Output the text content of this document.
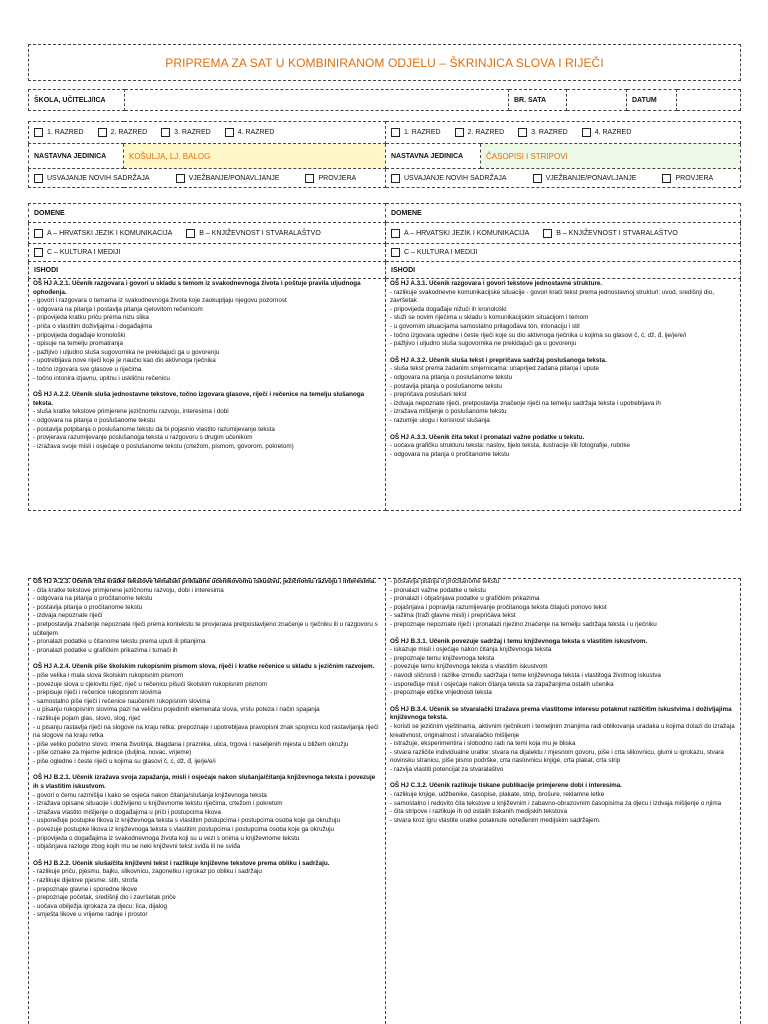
PRIPREMA ZA SAT U KOMBINIRANOM ODJELU – ŠKRINJICA SLOVA I RIJEČI
ŠKOLA, UČITELJ/ICA		BR. SATA		DATUM	
1. RAZRED 2. RAZRED 3. RAZRED 4. RAZRED		1. RAZRED 2. RAZRED 3. RAZRED 4. RAZRED	

NASTAVNA JEDINICA	KOŠULJA, LJ. BALOG	NASTAVNA JEDINICA	ČASOPISI I STRIPOVI

USVAJANJE NOVIH SADRŽAJA VJEŽBANJE/PONAVLJANJE PROVJERA		USVAJANJE NOVIH SADRŽAJA VJEŽBANJE/PONAVLJANJE PROVJERA	
DOMENE	DOMENE

A – HRVATSKI JEZIK I KOMUNIKACIJA B – KNJIŽEVNOST I STVARALAŠTVO	A – HRVATSKI JEZIK I KOMUNIKACIJA B – KNJIŽEVNOST I STVARALAŠTVO

C – KULTURA I MEDIJI	C – KULTURA I MEDIJI

ISHODI	ISHODI

OŠ HJ A.2.1. Učenik razgovara i govori u skladu s temom iz svakodnevnoga života i poštuje pravila uljudnoga ophođenja.

- govori i razgovara o temama iz svakodnevnoga života koje zaokupljaju njegovu pozornost

- odgovara na pitanja i postavlja pitanja cjelovitom rečenicom

- pripovijeda kratku priču prema nizu slika

- priča o vlastitim doživljajima i događajima

- pripovijeda događaje kronološki

- opisuje na temelju promatranja

- pažljivo i uljudno sluša sugovornika ne prekidajući ga u govorenju

- upotrebljava nove riječi koje je naučio kao dio aktivnoga rječnika

- točno izgovara sve glasove u riječima

- točno intonira izjavnu, upitnu i uskličnu rečenicu

OŠ HJ A.2.2. Učenik sluša jednostavne tekstove, točno izgovara glasove, riječi i rečenice na temelju slušanoga teksta.

- sluša kratke tekstove primjerene jezičnomu razvoju, interesima i dobi

- odgovara na pitanja o poslušanome tekstu

- postavlja potpitanja o poslušanome tekstu da bi pojasnio vlastito razumijevanje teksta

- provjerava razumijevanje poslušanoga teksta u razgovoru s drugim učenikom

- izražava svoje misli i osjećaje o poslušanome tekstu (crtežom, pismom, govorom, pokretom)

OŠ HJ A.3.1. Učenik razgovara i govori tekstove jednostavne strukture.

- razlikuje svakodnevne komunikacijske situacije - govori kraći tekst prema jednostavnoj strukturi: uvod, središnji dio, završetak

- pripovijeda događaje nižući ih kronološki

- služi se novim riječima u skladu s komunikacijskim situacijom i temom

- u govornim situacijama samostalno prilagođava ton, intonaciju i stil

- točno izgovara ogledne i česte riječi koje su dio aktivnoga rječnika u kojima su glasovi č, ć, dž, đ, ije/je/e/i

- pažljivo i uljudno sluša sugovornika ne prekidajući ga u govorenju

OŠ HJ A.3.2. Učenik sluša tekst i prepričava sadržaj poslušanoga teksta.

- sluša tekst prema zadanim smjernicama: unaprijed zadana pitanja i upute

- odgovara na pitanja o poslušanome tekstu

- postavlja pitanja o poslušanome tekstu

- prepričava poslušani tekst

- izdvaja nepoznate riječi, pretpostavlja značenje riječi na temelju sadržaja teksta i upotrebljava ih

- izražava mišljenje o poslušanome tekstu

- razumije ulogu i korisnost slušanja

OŠ HJ A.3.3. Učenik čita tekst i pronalazi važne podatke u tekstu.

- uočava grafičku strukturu teksta: naslov, tijelo teksta, ilustracije i/ili fotografije, rubrike

- odgovara na pitanja o pročitanome tekstu

OŠ HJ A.2.3. Učenik čita kratke tekstove tematski prikladne učenikovomu iskustvu, jezičnomu razvoju i interesima.

- čita kratke tekstove primjerene jezičnomu razvoju, dobi i interesima

- odgovara na pitanja o pročitanome tekstu

- postavlja pitanja o pročitanome tekstu

- izdvaja nepoznate riječi

- pretpostavlja značenje nepoznate riječi prema kontekstu te provjerava pretpostavljeno značenje u rječniku ili u razgovoru s učiteljem

- pronalazi podatke u čitanome tekstu prema uputi ili pitanjima

- pronalazi podatke u grafičkim prikazima i tumači ih

OŠ HJ A.2.4. Učenik piše školskim rukopisnim pismom slova, riječi i kratke rečenice u skladu s jezičnim razvojem.

- piše velika i mala slova školskim rukopisnim pismom

- povezuje slova u cjelovitu riječ, riječ u rečenicu pišući školskim rukopisnim pismom

- prepisuje riječi i rečenice rukopisnim slovima

- samostalno piše riječi i rečenice naučenim rukopisnim slovima

- u pisanju rukopisnim slovima pazi na veličinu pojedinih elemenata slova, vrstu poteza i način spajanja

- razlikuje pojam glas, slovo, slog, riječ

- u pisanju rastavlja riječi na slogove na kraju retka; prepoznaje i upotrebljava pravopisni znak spojnicu kod rastavljanja riječi na slogove na kraju retka

- piše veliko početno slovo: imena životinja, blagdana i praznika, ulica, trgova i naseljenih mjesta u bližem okružju

- piše oznake za mjerne jedinice (duljina, novac, vrijeme)

- piše ogledne i česte riječi u kojima su glasovi č, ć, dž, đ, ije/je/e/i

OŠ HJ B.2.1. Učenik izražava svoja zapažanja, misli i osjećaje nakon slušanja/čitanja književnoga teksta i povezuje ih s vlastitim iskustvom.

- govori o čemu razmišlja i kako se osjeća nakon čitanja/slušanja književnoga teksta

- izražava opisane situacije i doživljeno u književnome tekstu riječima, crtežom i pokretom

- izražava vlastito mišljenje o događajima u priči i postupcima likova

- uspoređuje postupke likova iz književnoga teksta s vlastitim postupcima i postupcima osoba koje ga okružuju

- povezuje postupke likova iz književnoga teksta s vlastitim postupcima i postupcima osoba koje ga okružuju

- pripovijeda o događajima iz svakodnevnoga života koji su u vezi s onima u književnome tekstu

- objašnjava razloge zbog kojih mu se neki književni tekst sviđa ili ne sviđa

OŠ HJ B.2.2. Učenik sluša/čita književni tekst i razlikuje književne tekstove prema obliku i sadržaju.

- razlikuje priču, pjesmu, bajku, slikovnicu, zagonetku i igrokaz po obliku i sadržaju

- razlikuje dijelove pjesme: stih, strofa

- prepoznaje glavne i sporedne likove

- prepoznaje početak, središnji dio i završetak priče

- uočava obilježja igrokaza za djecu: lica, dijalog

- smješta likove u vrijeme radnje i prostor

- postavlja pitanja o pročitanome tekstu

- pronalazi važne podatke u tekstu

- pronalazi i objašnjava podatke u grafičkim prikazima

- pojašnjava i popravlja razumijevanje pročitanoga teksta čitajući ponovo tekst

- sažima (traži glavne misli) i prepričava tekst

- prepoznaje nepoznate riječi i pronalazi njezino značenje na temelju sadržaja teksta i u rječniku

OŠ HJ B.3.1. Učenik povezuje sadržaj i temu književnoga teksta s vlastitim iskustvom.

- iskazuje misli i osjećaje nakon čitanja književnoga teksta

- prepoznaje temu književnoga teksta

- povezuje temu književnoga teksta s vlastitim iskustvom

- navodi sličnosti i razlike između sadržaja i teme književnoga teksta i vlastitoga životnog iskustva

- uspoređuje misli i osjećaje nakon čitanja teksta sa zapažanjima ostalih učenika

- prepoznaje etičke vrijednosti teksta

OŠ HJ B.3.4. Učenik se stvaralački izražava prema vlastitome interesu potaknut različitim iskustvima i doživljajima književnoga teksta.

- koristi se jezičnim vještinama, aktivnim rječnikom i temeljnim znanjima radi oblikovanja uradaka u kojima dolazi do izražaja kreativnost, originalnost i stvaralačko mišljenje

- istražuje, eksperimentira i slobodno radi na temi koja mu je bliska

- stvara različite individualne uratke: stvara na dijalektu / mjesnom govoru, piše i crta slikovnicu, glumi u igrokazu, stvara novinsku stranicu, piše pismo podrške, crta naslovnicu knjige, crta plakat, crta strip

- razvija vlastiti potencijal za stvaralaštvo

OŠ HJ C.3.2. Učenik razlikuje tiskane publikacije primjerene dobi i interesima.

- razlikuje knjige, udžbenike, časopise, plakate, strip, brošure, reklamne letke

- samostalno i redovito čita tekstove u književnim i zabavno-obrazovnim časopisima za djecu i izdvaja mišljenje o njima

- čita stripove i razlikuje ih od ostalih tiskanih medijskih tekstova

- stvara kroz igru vlastite uratke potaknute određenim medijskim sadržajem.
